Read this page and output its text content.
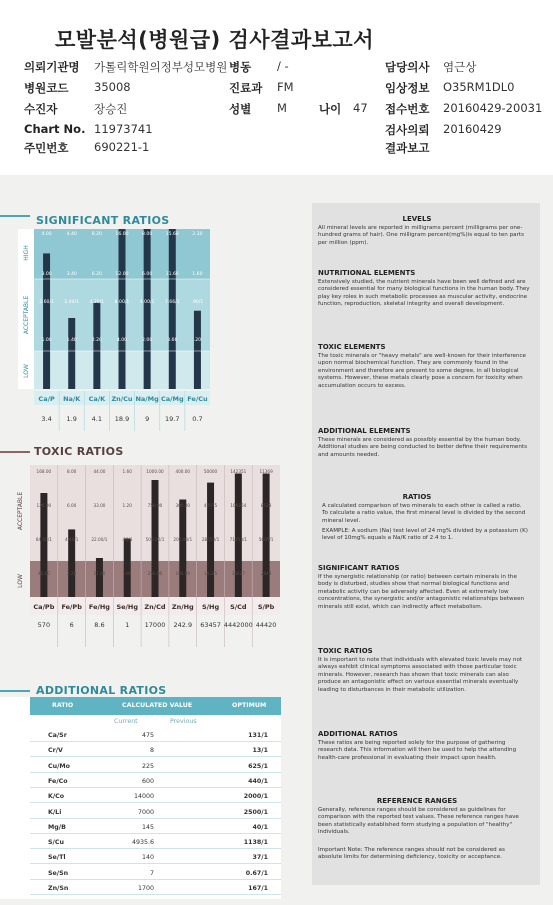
모발분석(병원급) 검사결과보고서
의뢰기관명 가톨릭학원의정부성모병원 병동 / -	담당의사 염근상
병원코드 35008	진료과 FM	임상정보 O35RM1DL0
수진자	장승진	성별 M	나이 47 접수번호 20160429-20031
Chart No. 11973741	검사의뢰 20160429
주민번호 690221-1	결과보고
SIGNIFICANT RATIOS
4.00
3.00
2.60/1
1.00
4.40
3.40
2.40/1
1.40
8.20
6.20
4.20/1
2.20
16.00
12.00
8.00/1
4.00
8.00
6.00
4.00/1
2.00
15.68
11.66
7.66/1
3.66
2.30
1.60
.90/1
.20
HIGH
ACCEPTABLE
LOW
Ca/P Na/K Ca/K Zn/Cu Na/Mg Ca/Mg Fe/Cu
3.4 1.9 4.1 18.9 9 19.7 0.7
TOXIC RATIOS
168.00
126.00
84.00/1
42.00
8.00
6.00
4.40/1
2.20
44.00
33.00
22.00/1
11.00
1.60
1.20
.80/1
.40
1000.00
750.00
500.00/1
250.00
400.00
300.00
200.00/1
100.00
50000
42975
28650/1
14325
142351
106864
71253/1
35627
11369
8528
5685/1
2843
ACCEPTABLE
LOW
Ca/Pb Fe/Pb Fe/Hg Se/Hg Zn/Cd Zn/Hg S/Hg S/Cd S/Pb
570	6	8.6	1 17000 242.9 63457 4442000 44420
ADDITIONAL RATIOS
RATIO	CALCULATED VALUE	OPTIMUM
Current	Previous
Ca/Sr	475	131/1
Cr/V	8	13/1
Cu/Mo	225	625/1
Fe/Co	600	440/1
K/Co	14000	2000/1
K/Li	7000	2500/1
Mg/B	145	40/1
S/Cu	4935.6	1138/1
Se/Tl	140	37/1
Se/Sn	7	0.67/1
Zn/Sn	1700	167/1
LEVELS
All mineral levels are reported in milligrams percent (milligrams per one-hundred grams of hair). One milligram percent(mg%)is equal to ten parts per million (ppm).
NUTRITIONAL ELEMENTS
Extensively studied, the nutrient minerals have been well defined and are considered essential for many biological functions in the human body. They play key roles in such metabolic processes as muscular activity, endocrine function, reproduction, skeletal integrity and overall development.
TOXIC ELEMENTS
The toxic minerals or "heavy metals" are well-known for their interference upon normal biochemical function. They are commonly found in the environment and therefore are present to some degree, in all biological systems. However, these metals clearly pose a concern for toxicity when accumulation occurs to excess.
ADDITIONAL ELEMENTS
These minerals are considered as possibly essential by the human body. Additional studies are being conducted to better define their requirements and amounts needed.
RATIOS
A calculated comparison of two minerals to each other is called a ratio. To calculate a ratio value, the first mineral level is divided by the second mineral level.
EXAMPLE: A sodium (Na) test level of 24 mg% divided by a potassium (K) level of 10mg% equals a Na/K ratio of 2.4 to 1.
SIGNIFICANT RATIOS
If the synergistic relationship (or ratio) between certain minerals in the body is disturbed, studies show that normal biological functions and metabolic activity can be adversely affected. Even at extremely low concentrations, the synergistic and/or antagonistic relationships between minerals still exist, which can indirectly affect metabolism.
TOXIC RATIOS
It is important to note that individuals with elevated toxic levels may not always exhibit clinical symptoms associated with those particular toxic minerals. However, research has shown that toxic minerals can also produce an antagonistic effect on various essential minerals eventually leading to disturbances in their metabolic utilization.
ADDITIONAL RATIOS
These ratios are being reported solely for the purpose of gathering research data. This information will then be used to help the attending health-care professional in evaluating their impact upon health.
REFERENCE RANGES
Generally, reference ranges should be considered as guidelines for comparison with the reported test values. These reference ranges have been statistically established form studying a population of "healthy" individuals.
Important Note: The reference ranges should not be considered as absolute limits for determining deficiency, toxicity or acceptance.
